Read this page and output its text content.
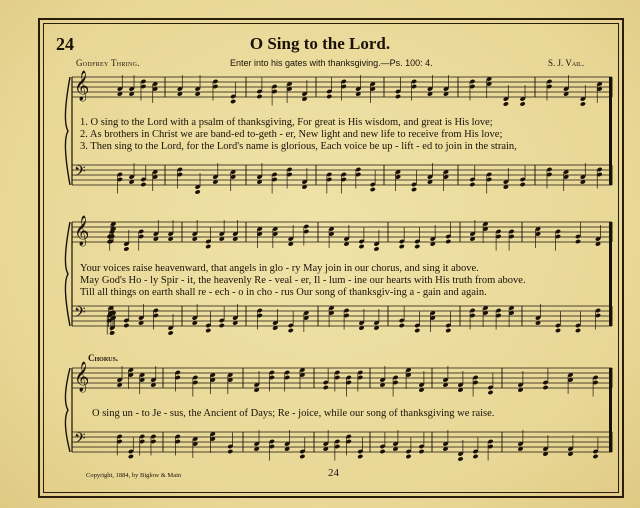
𝄞
𝄢
𝄞
𝄢
𝄞
𝄢
24	O Sing to the Lord.
Godfrey Thring.	Enter into his gates with thanksgiving.—Ps. 100: 4.	S. J. Vail.
1. O sing to the Lord with a psalm of thanksgiving, For great is His wisdom, and great is His love;
2. As brothers in Christ we are band-ed to-geth - er, New light and new life to receive from His love;
3. Then sing to the Lord, for the Lord's name is glorious, Each voice be up - lift - ed to join in the strain,
Your voices raise heavenward, that angels in glo - ry May join in our chorus, and sing it above.
May God's Ho - ly Spir - it, the heavenly Re - veal - er, Il - lum - ine our hearts with His truth from above.
Till all things on earth shall re - ech - o in cho - rus Our song of thanksgiv-ing a - gain and again.
Chorus.
O sing un - to Je - sus, the Ancient of Days; Re - joice, while our song of thanksgiving we raise.
Copyright, 1884, by Biglow & Main	24
